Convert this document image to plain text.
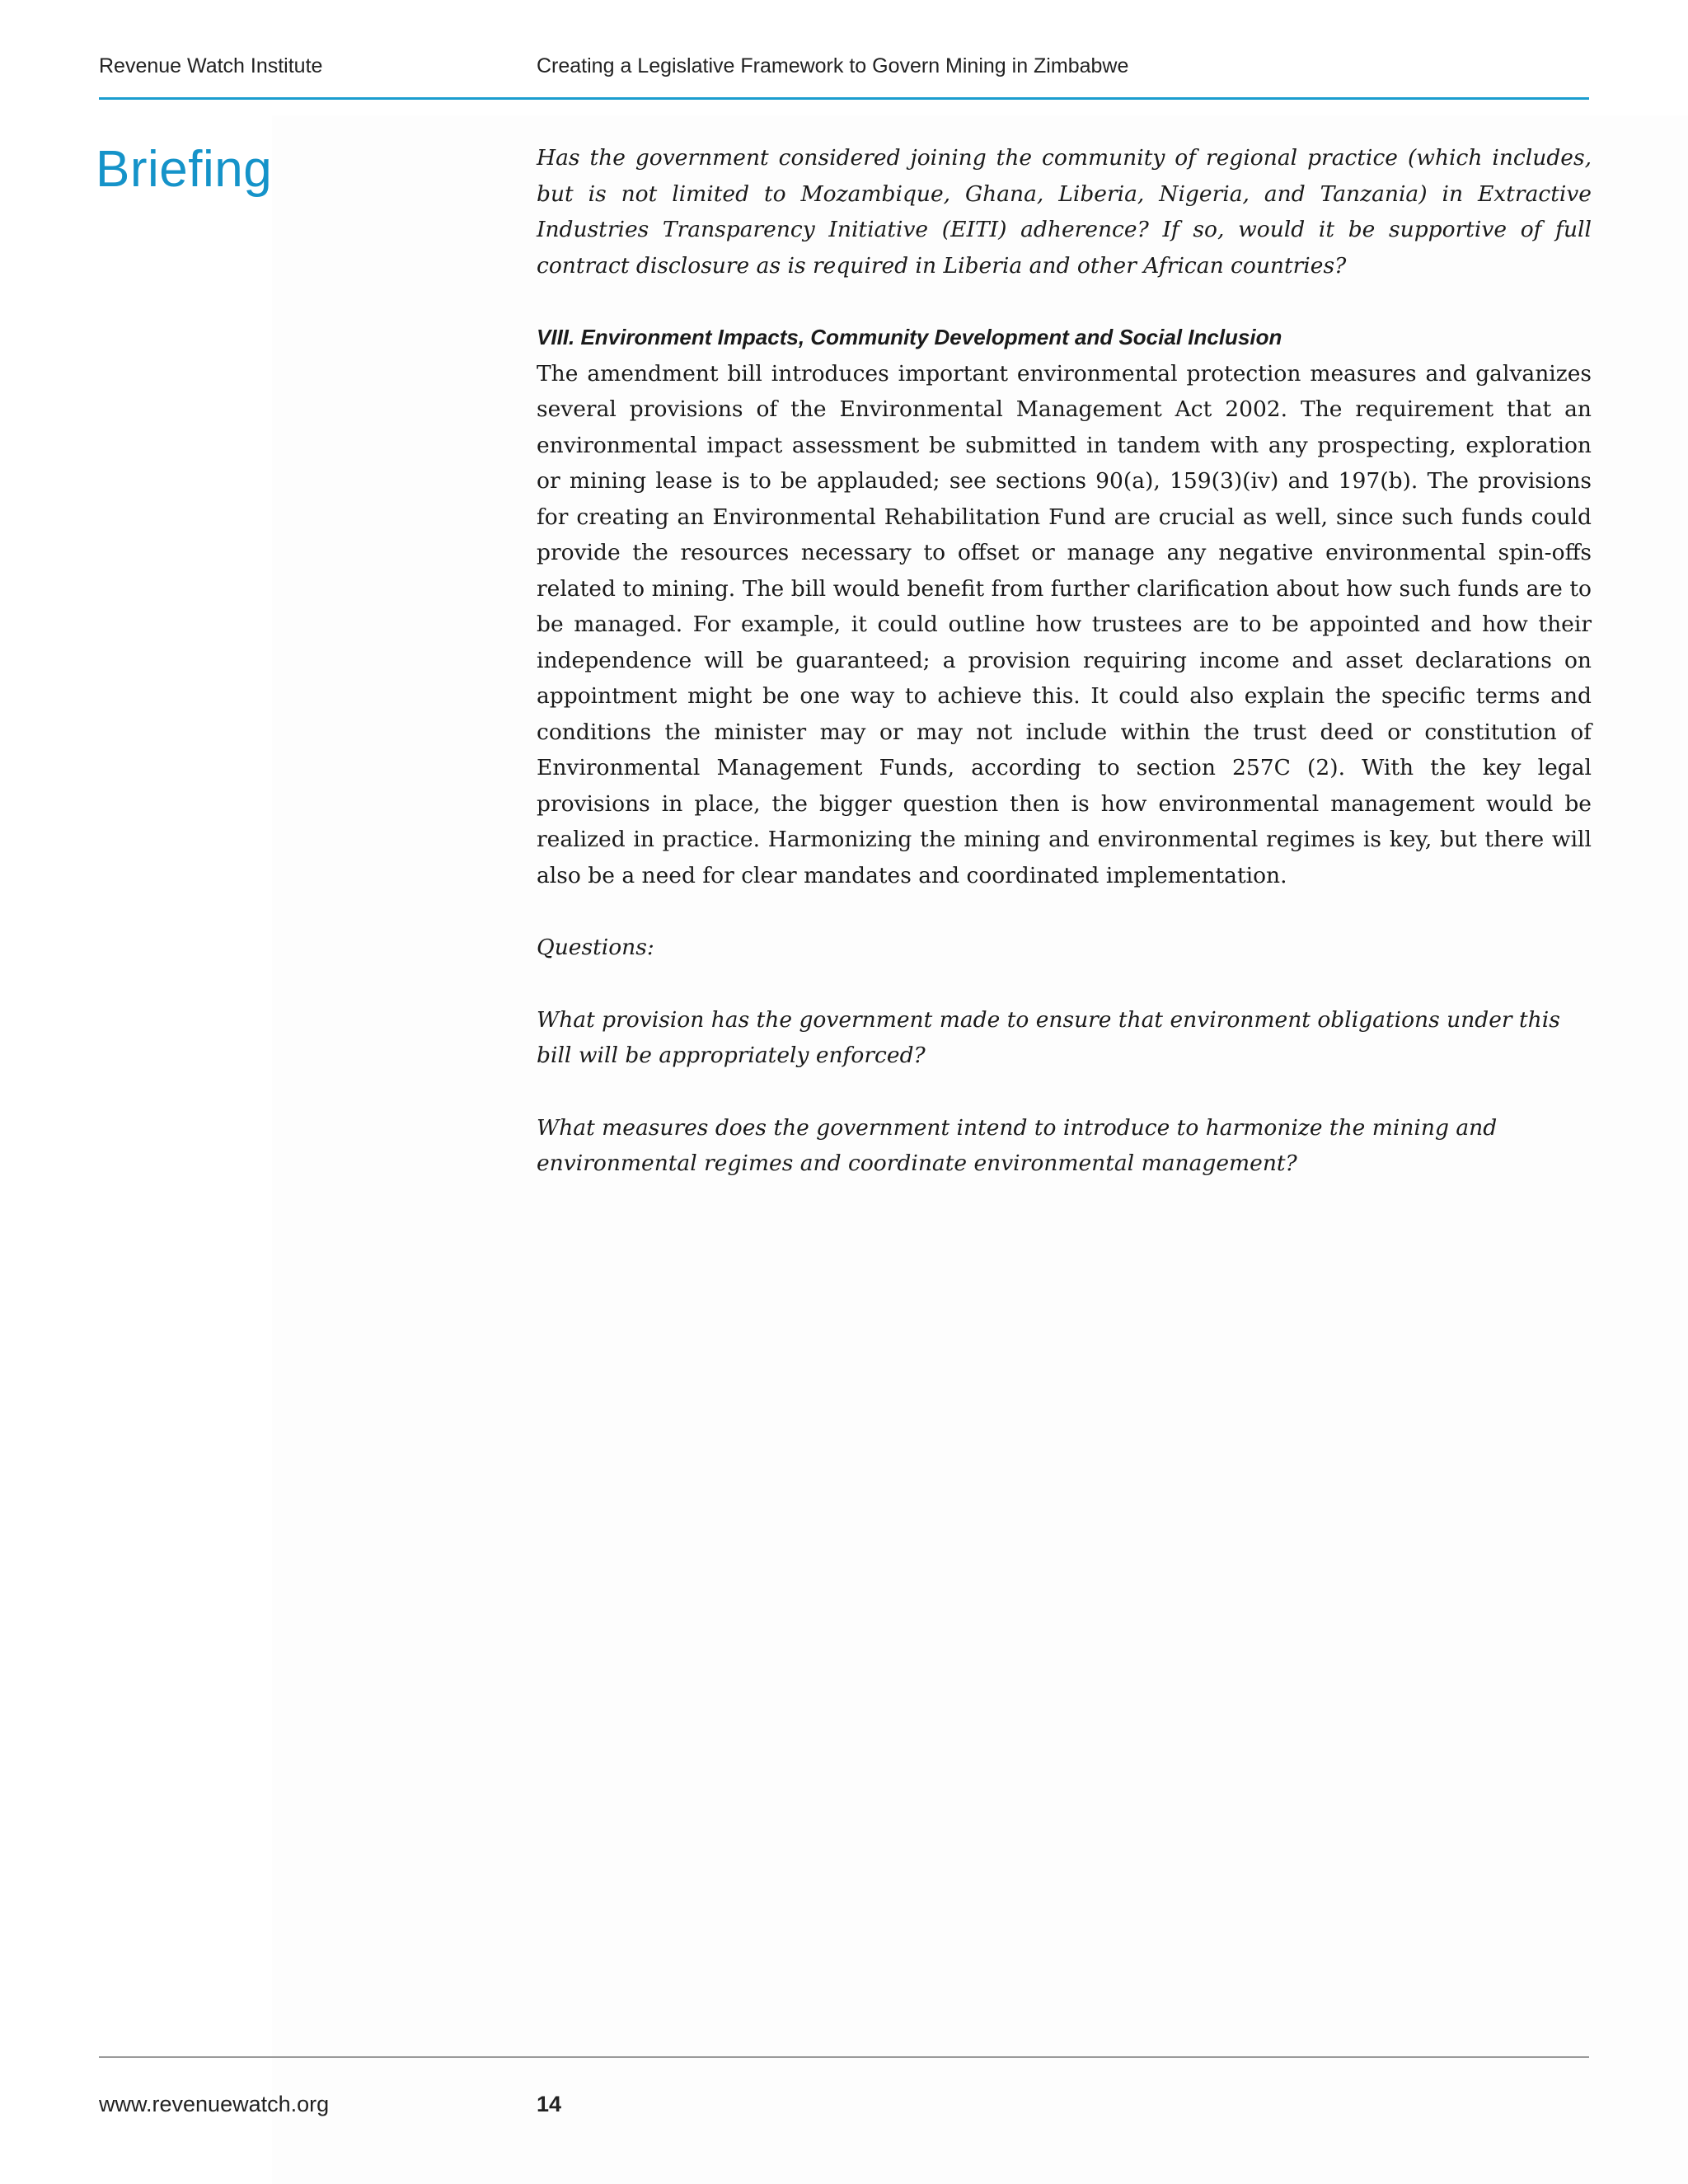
Revenue Watch Institute	Creating a Legislative Framework to Govern Mining in Zimbabwe
Briefing	Has the government considered joining the community of regional practice (which includes, but is not limited to Mozambique, Ghana, Liberia, Nigeria, and Tanzania) in Extractive Industries Transparency Initiative (EITI) adherence? If so, would it be supportive of full contract disclosure as is required in Liberia and other African countries?

VIII. Environment Impacts, Community Development and Social Inclusion

The amendment bill introduces important environmental protection measures and galvanizes several provisions of the Environmental Management Act 2002. The requirement that an environmental impact assessment be submitted in tandem with any prospecting, exploration or mining lease is to be applauded; see sections 90(a), 159(3)(iv) and 197(b). The provisions for creating an Environmental Rehabilitation Fund are crucial as well, since such funds could provide the resources necessary to offset or manage any negative environmental spin-offs related to mining. The bill would benefit from further clarification about how such funds are to be managed. For example, it could outline how trustees are to be appointed and how their independence will be guaranteed; a provision requiring income and asset declarations on appointment might be one way to achieve this. It could also explain the specific terms and conditions the minister may or may not include within the trust deed or constitution of Environmental Management Funds, according to section 257C (2). With the key legal provisions in place, the bigger question then is how environmental management would be realized in practice. Harmonizing the mining and environmental regimes is key, but there will also be a need for clear mandates and coordinated implementation.

Questions:

What provision has the government made to ensure that environment obligations under this bill will be appropriately enforced?

What measures does the government intend to introduce to harmonize the mining and environmental regimes and coordinate environmental management?

www.revenuewatch.org	14
